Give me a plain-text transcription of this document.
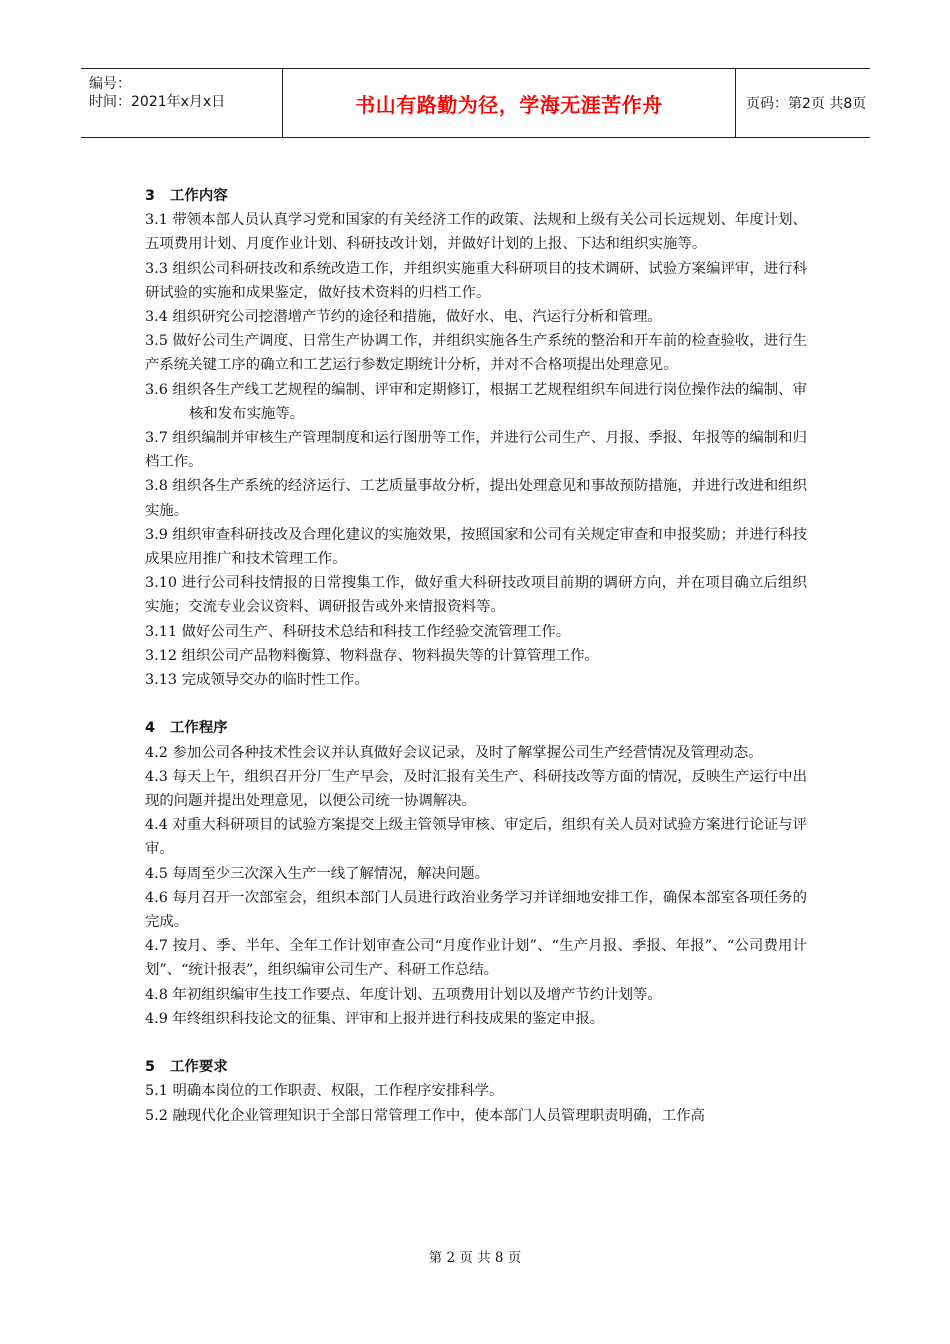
编号：
时间：2021年x月x日	书山有路勤为径，学海无涯苦作舟	页码：第2页 共8页
3   工作内容
3.1 带领本部人员认真学习党和国家的有关经济工作的政策、法规和上级有关公司长远规划、年度计划、五项费用计划、月度作业计划、科研技改计划，并做好计划的上报、下达和组织实施等。
3.3 组织公司科研技改和系统改造工作，并组织实施重大科研项目的技术调研、试验方案编评审，进行科研试验的实施和成果鉴定，做好技术资料的归档工作。
3.4 组织研究公司挖潜增产节约的途径和措施，做好水、电、汽运行分析和管理。
3.5 做好公司生产调度、日常生产协调工作，并组织实施各生产系统的整治和开车前的检查验收，进行生产系统关键工序的确立和工艺运行参数定期统计分析，并对不合格项提出处理意见。
3.6 组织各生产线工艺规程的编制、评审和定期修订，根据工艺规程组织车间进行岗位操作法的编制、审核和发布实施等。
3.7 组织编制并审核生产管理制度和运行图册等工作，并进行公司生产、月报、季报、年报等的编制和归档工作。
3.8 组织各生产系统的经济运行、工艺质量事故分析，提出处理意见和事故预防措施，并进行改进和组织实施。
3.9 组织审查科研技改及合理化建议的实施效果，按照国家和公司有关规定审查和申报奖励；并进行科技成果应用推广和技术管理工作。
3.10 进行公司科技情报的日常搜集工作，做好重大科研技改项目前期的调研方向，并在项目确立后组织实施；交流专业会议资料、调研报告或外来情报资料等。
3.11 做好公司生产、科研技术总结和科技工作经验交流管理工作。
3.12 组织公司产品物料衡算、物料盘存、物料损失等的计算管理工作。
3.13 完成领导交办的临时性工作。
4   工作程序
4.2 参加公司各种技术性会议并认真做好会议记录，及时了解掌握公司生产经营情况及管理动态。
4.3 每天上午，组织召开分厂生产早会，及时汇报有关生产、科研技改等方面的情况，反映生产运行中出现的问题并提出处理意见，以便公司统一协调解决。
4.4 对重大科研项目的试验方案提交上级主管领导审核、审定后，组织有关人员对试验方案进行论证与评审。
4.5 每周至少三次深入生产一线了解情况，解决问题。
4.6 每月召开一次部室会，组织本部门人员进行政治业务学习并详细地安排工作，确保本部室各项任务的完成。
4.7 按月、季、半年、全年工作计划审查公司“月度作业计划”、“生产月报、季报、年报”、“公司费用计划”、“统计报表”，组织编审公司生产、科研工作总结。
4.8 年初组织编审生技工作要点、年度计划、五项费用计划以及增产节约计划等。
4.9 年终组织科技论文的征集、评审和上报并进行科技成果的鉴定申报。
5   工作要求
5.1 明确本岗位的工作职责、权限，工作程序安排科学。
5.2 融现代化企业管理知识于全部日常管理工作中，使本部门人员管理职责明确，工作高
第 2 页 共 8 页
